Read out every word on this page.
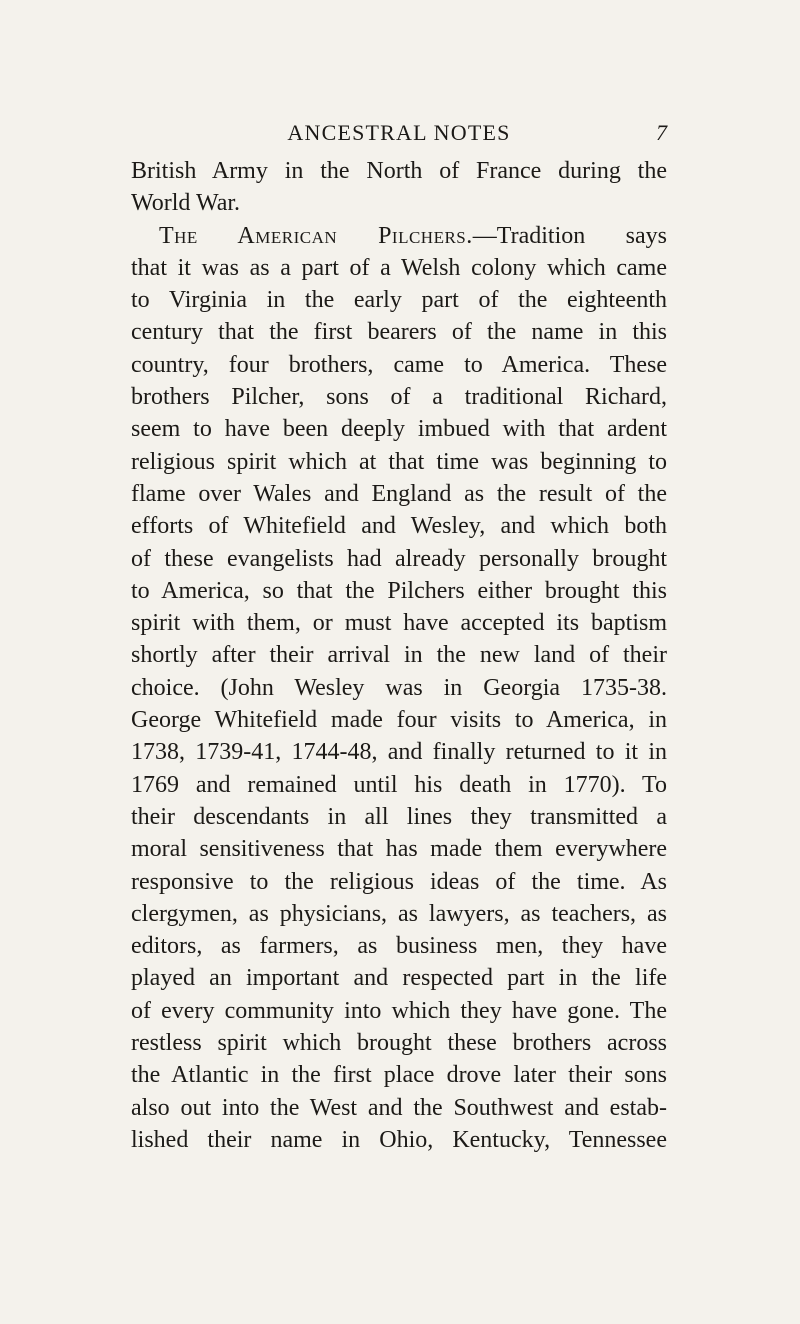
ANCESTRAL NOTES	7
British Army in the North of France during the
World War.
The American Pilchers.—Tradition says
that it was as a part of a Welsh colony which came
to Virginia in the early part of the eighteenth
century that the first bearers of the name in this
country, four brothers, came to America. These
brothers Pilcher, sons of a traditional Richard,
seem to have been deeply imbued with that ardent
religious spirit which at that time was beginning to
flame over Wales and England as the result of the
efforts of Whitefield and Wesley, and which both
of these evangelists had already personally brought
to America, so that the Pilchers either brought this
spirit with them, or must have accepted its baptism
shortly after their arrival in the new land of their
choice. (John Wesley was in Georgia 1735-38.
George Whitefield made four visits to America, in
1738, 1739-41, 1744-48, and finally returned to it in
1769 and remained until his death in 1770). To
their descendants in all lines they transmitted a
moral sensitiveness that has made them everywhere
responsive to the religious ideas of the time. As
clergymen, as physicians, as lawyers, as teachers, as
editors, as farmers, as business men, they have
played an important and respected part in the life
of every community into which they have gone. The
restless spirit which brought these brothers across
the Atlantic in the first place drove later their sons
also out into the West and the Southwest and estab-
lished their name in Ohio, Kentucky, Tennessee
